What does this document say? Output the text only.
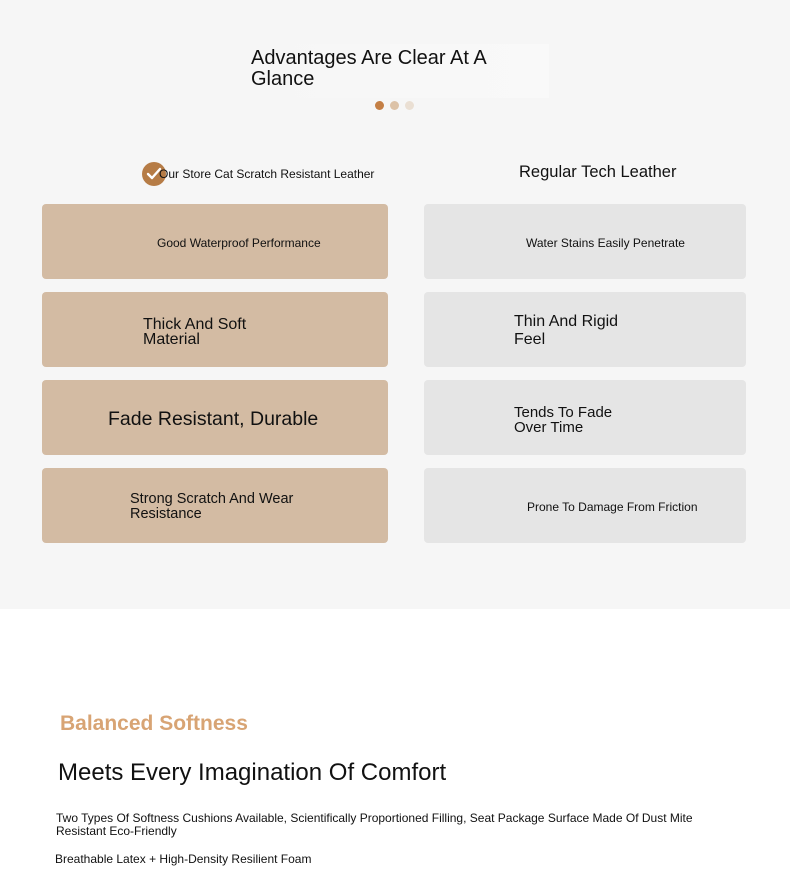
Advantages Are Clear At A Glance
Our Store Cat Scratch Resistant Leather	Regular Tech Leather
Good Waterproof Performance
Thick And Soft Material
Fade Resistant, Durable
Strong Scratch And Wear Resistance
Water Stains Easily Penetrate
Thin And Rigid Feel
Tends To Fade Over Time
Prone To Damage From Friction
Balanced Softness
Meets Every Imagination Of Comfort
Two Types Of Softness Cushions Available, Scientifically Proportioned Filling, Seat Package Surface Made Of Dust Mite Resistant Eco-Friendly
Breathable Latex + High-Density Resilient Foam
